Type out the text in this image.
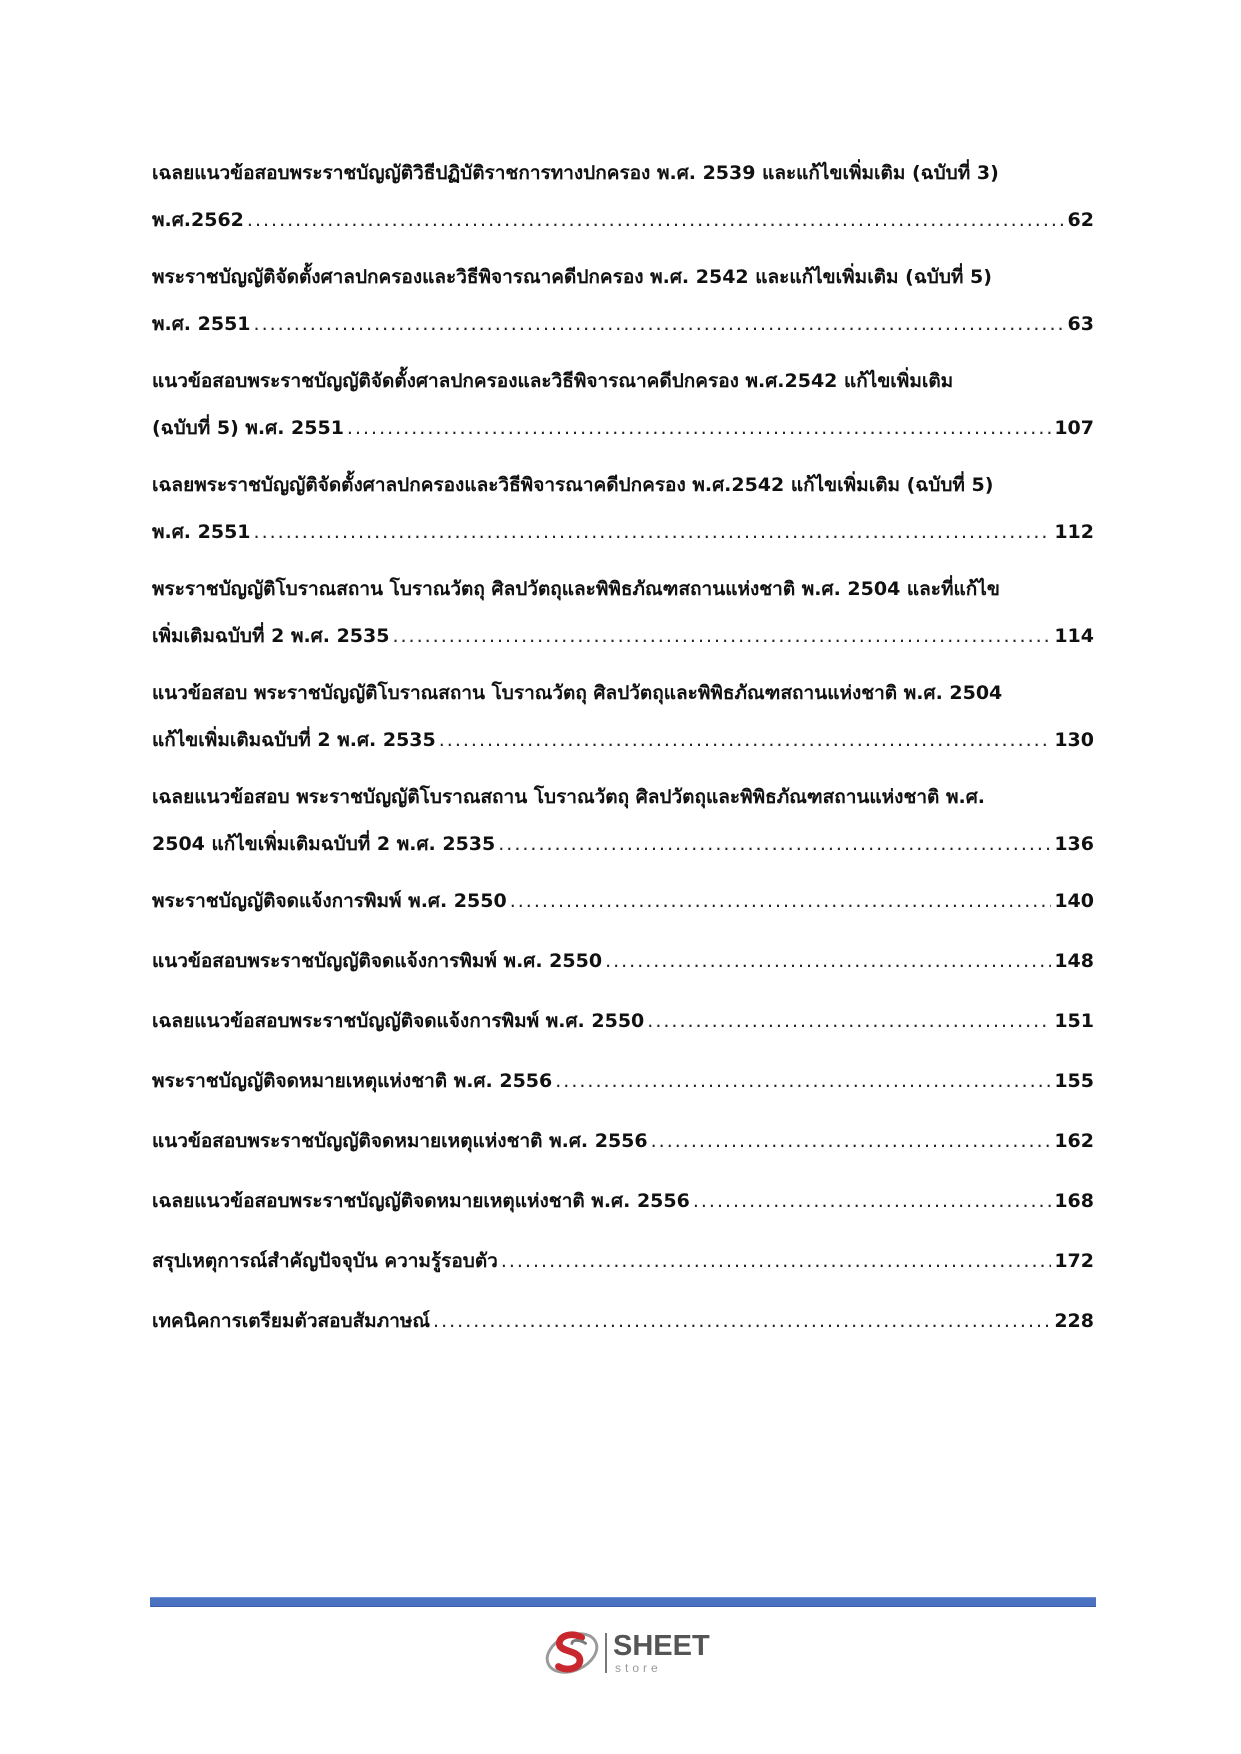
เฉลยแนวข้อสอบพระราชบัญญัติวิธีปฏิบัติราชการทางปกครอง พ.ศ. 2539 และแก้ไขเพิ่มเติม (ฉบับที่ 3)
พ.ศ.2562 .....	62
พระราชบัญญัติจัดตั้งศาลปกครองและวิธีพิจารณาคดีปกครอง พ.ศ. 2542 และแก้ไขเพิ่มเติม (ฉบับที่ 5)
พ.ศ. 2551 .....	63
แนวข้อสอบพระราชบัญญัติจัดตั้งศาลปกครองและวิธีพิจารณาคดีปกครอง พ.ศ.2542 แก้ไขเพิ่มเติม
(ฉบับที่ 5) พ.ศ. 2551 .....	107
เฉลยพระราชบัญญัติจัดตั้งศาลปกครองและวิธีพิจารณาคดีปกครอง พ.ศ.2542 แก้ไขเพิ่มเติม (ฉบับที่ 5)
พ.ศ. 2551 .....	112
พระราชบัญญัติโบราณสถาน โบราณวัตถุ ศิลปวัตถุและพิพิธภัณฑสถานแห่งชาติ พ.ศ. 2504 และที่แก้ไข
เพิ่มเติมฉบับที่ 2 พ.ศ. 2535 .....	114
แนวข้อสอบ พระราชบัญญัติโบราณสถาน โบราณวัตถุ ศิลปวัตถุและพิพิธภัณฑสถานแห่งชาติ พ.ศ. 2504
แก้ไขเพิ่มเติมฉบับที่ 2 พ.ศ. 2535 .....	130
เฉลยแนวข้อสอบ พระราชบัญญัติโบราณสถาน โบราณวัตถุ ศิลปวัตถุและพิพิธภัณฑสถานแห่งชาติ พ.ศ.
2504 แก้ไขเพิ่มเติมฉบับที่ 2 พ.ศ. 2535 .....	136
พระราชบัญญัติจดแจ้งการพิมพ์ พ.ศ. 2550 .....	140
แนวข้อสอบพระราชบัญญัติจดแจ้งการพิมพ์ พ.ศ. 2550 .....	148
เฉลยแนวข้อสอบพระราชบัญญัติจดแจ้งการพิมพ์ พ.ศ. 2550 .....	151
พระราชบัญญัติจดหมายเหตุแห่งชาติ พ.ศ. 2556 .....	155
แนวข้อสอบพระราชบัญญัติจดหมายเหตุแห่งชาติ พ.ศ. 2556 .....	162
เฉลยแนวข้อสอบพระราชบัญญัติจดหมายเหตุแห่งชาติ พ.ศ. 2556 .....	168
สรุปเหตุการณ์สำคัญปัจจุบัน ความรู้รอบตัว .....	172
เทคนิคการเตรียมตัวสอบสัมภาษณ์ .....	228
SHEET
store
